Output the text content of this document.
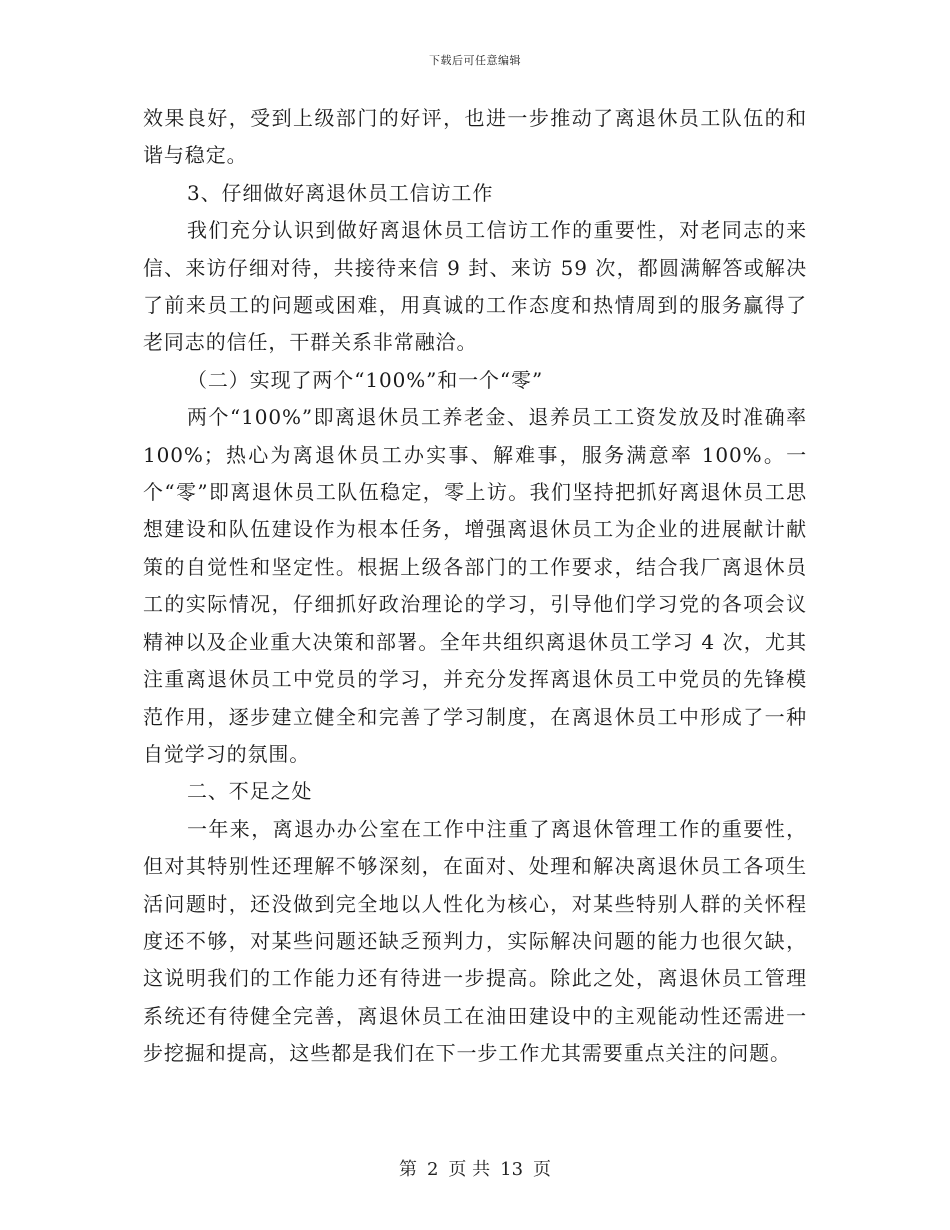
下载后可任意编辑

效果良好，受到上级部门的好评，也进一步推动了离退休员工队伍的和谐与稳定。

3、仔细做好离退休员工信访工作

我们充分认识到做好离退休员工信访工作的重要性，对老同志的来信、来访仔细对待，共接待来信 9 封、来访 59 次，都圆满解答或解决了前来员工的问题或困难，用真诚的工作态度和热情周到的服务赢得了老同志的信任，干群关系非常融洽。

（二）实现了两个“100%”和一个“零”

两个“100%”即离退休员工养老金、退养员工工资发放及时准确率 100%；热心为离退休员工办实事、解难事，服务满意率 100%。一个“零”即离退休员工队伍稳定，零上访。我们坚持把抓好离退休员工思想建设和队伍建设作为根本任务，增强离退休员工为企业的进展献计献策的自觉性和坚定性。根据上级各部门的工作要求，结合我厂离退休员工的实际情况，仔细抓好政治理论的学习，引导他们学习党的各项会议精神以及企业重大决策和部署。全年共组织离退休员工学习 4 次，尤其注重离退休员工中党员的学习，并充分发挥离退休员工中党员的先锋模范作用，逐步建立健全和完善了学习制度，在离退休员工中形成了一种自觉学习的氛围。

二、不足之处

一年来，离退办办公室在工作中注重了离退休管理工作的重要性，但对其特别性还理解不够深刻，在面对、处理和解决离退休员工各项生活问题时，还没做到完全地以人性化为核心，对某些特别人群的关怀程度还不够，对某些问题还缺乏预判力，实际解决问题的能力也很欠缺，这说明我们的工作能力还有待进一步提高。除此之处，离退休员工管理系统还有待健全完善，离退休员工在油田建设中的主观能动性还需进一步挖掘和提高，这些都是我们在下一步工作尤其需要重点关注的问题。

第 2 页 共 13 页
